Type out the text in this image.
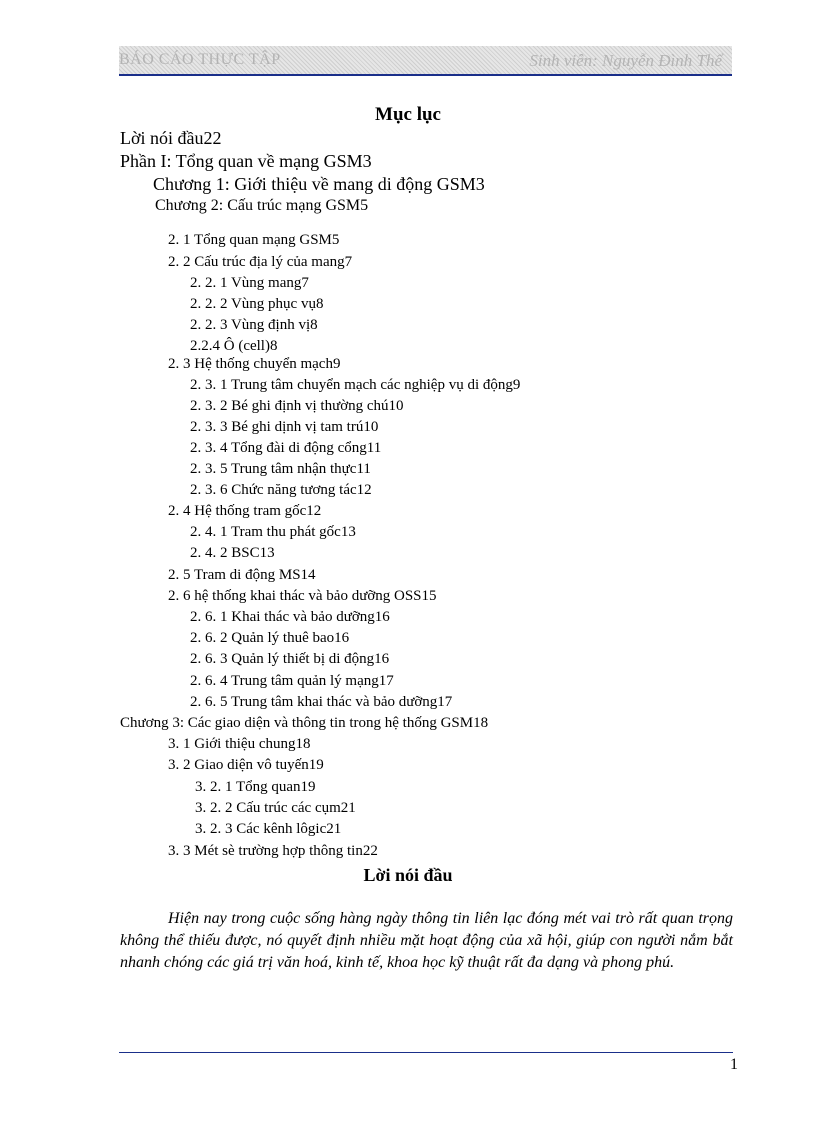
BÁO CÁO THỰC TẬP	Sinh viên: Nguyễn Đình Thể
Mục lục
Lời nói đầu22
Phần I: Tổng quan về mạng GSM3
Chương 1: Giới thiệu về mang di động GSM3
Chương 2: Cấu trúc mạng GSM5
2. 1 Tổng quan mạng GSM5
2. 2 Cấu trúc địa lý của mang7
2. 2. 1 Vùng mang7
2. 2. 2 Vùng phục vụ8
2. 2. 3 Vùng định vị8
2.2.4 Ô (cell)8
2. 3 Hệ thống chuyển mạch9
2. 3. 1 Trung tâm chuyển mạch các nghiệp vụ di động9
2. 3. 2 Bé ghi định vị thường chú10
2. 3. 3 Bé ghi dịnh vị tam trú10
2. 3. 4 Tổng đài di động cổng11
2. 3. 5 Trung tâm nhận thực11
2. 3. 6 Chức năng tương tác12
2. 4 Hệ thống tram gốc12
2. 4. 1 Tram thu phát gốc13
2. 4. 2 BSC13
2. 5 Tram di động MS14
2. 6 hệ thống khai thác và bảo dưỡng OSS15
2. 6. 1 Khai thác và bảo dưỡng16
2. 6. 2 Quản lý thuê bao16
2. 6. 3 Quản lý thiết bị di động16
2. 6. 4 Trung tâm quản lý mạng17
2. 6. 5 Trung tâm khai thác và bảo dưỡng17
Chương 3: Các giao diện và thông tin trong hệ thống GSM18
3. 1 Giới thiệu chung18
3. 2 Giao diện vô tuyến19
3. 2. 1 Tổng quan19
3. 2. 2 Cấu trúc các cụm21
3. 2. 3 Các kênh lôgic21
3. 3 Mét sè trường hợp thông tin22
Lời nói đầu

Hiện nay trong cuộc sống hàng ngày thông tin liên lạc đóng mét vai trò rất quan trọng không thể thiếu được, nó quyết định nhiều mặt hoạt động của xã hội, giúp con người nắm bắt nhanh chóng các giá trị văn hoá, kinh tế, khoa học kỹ thuật rất đa dạng và phong phú.

1
